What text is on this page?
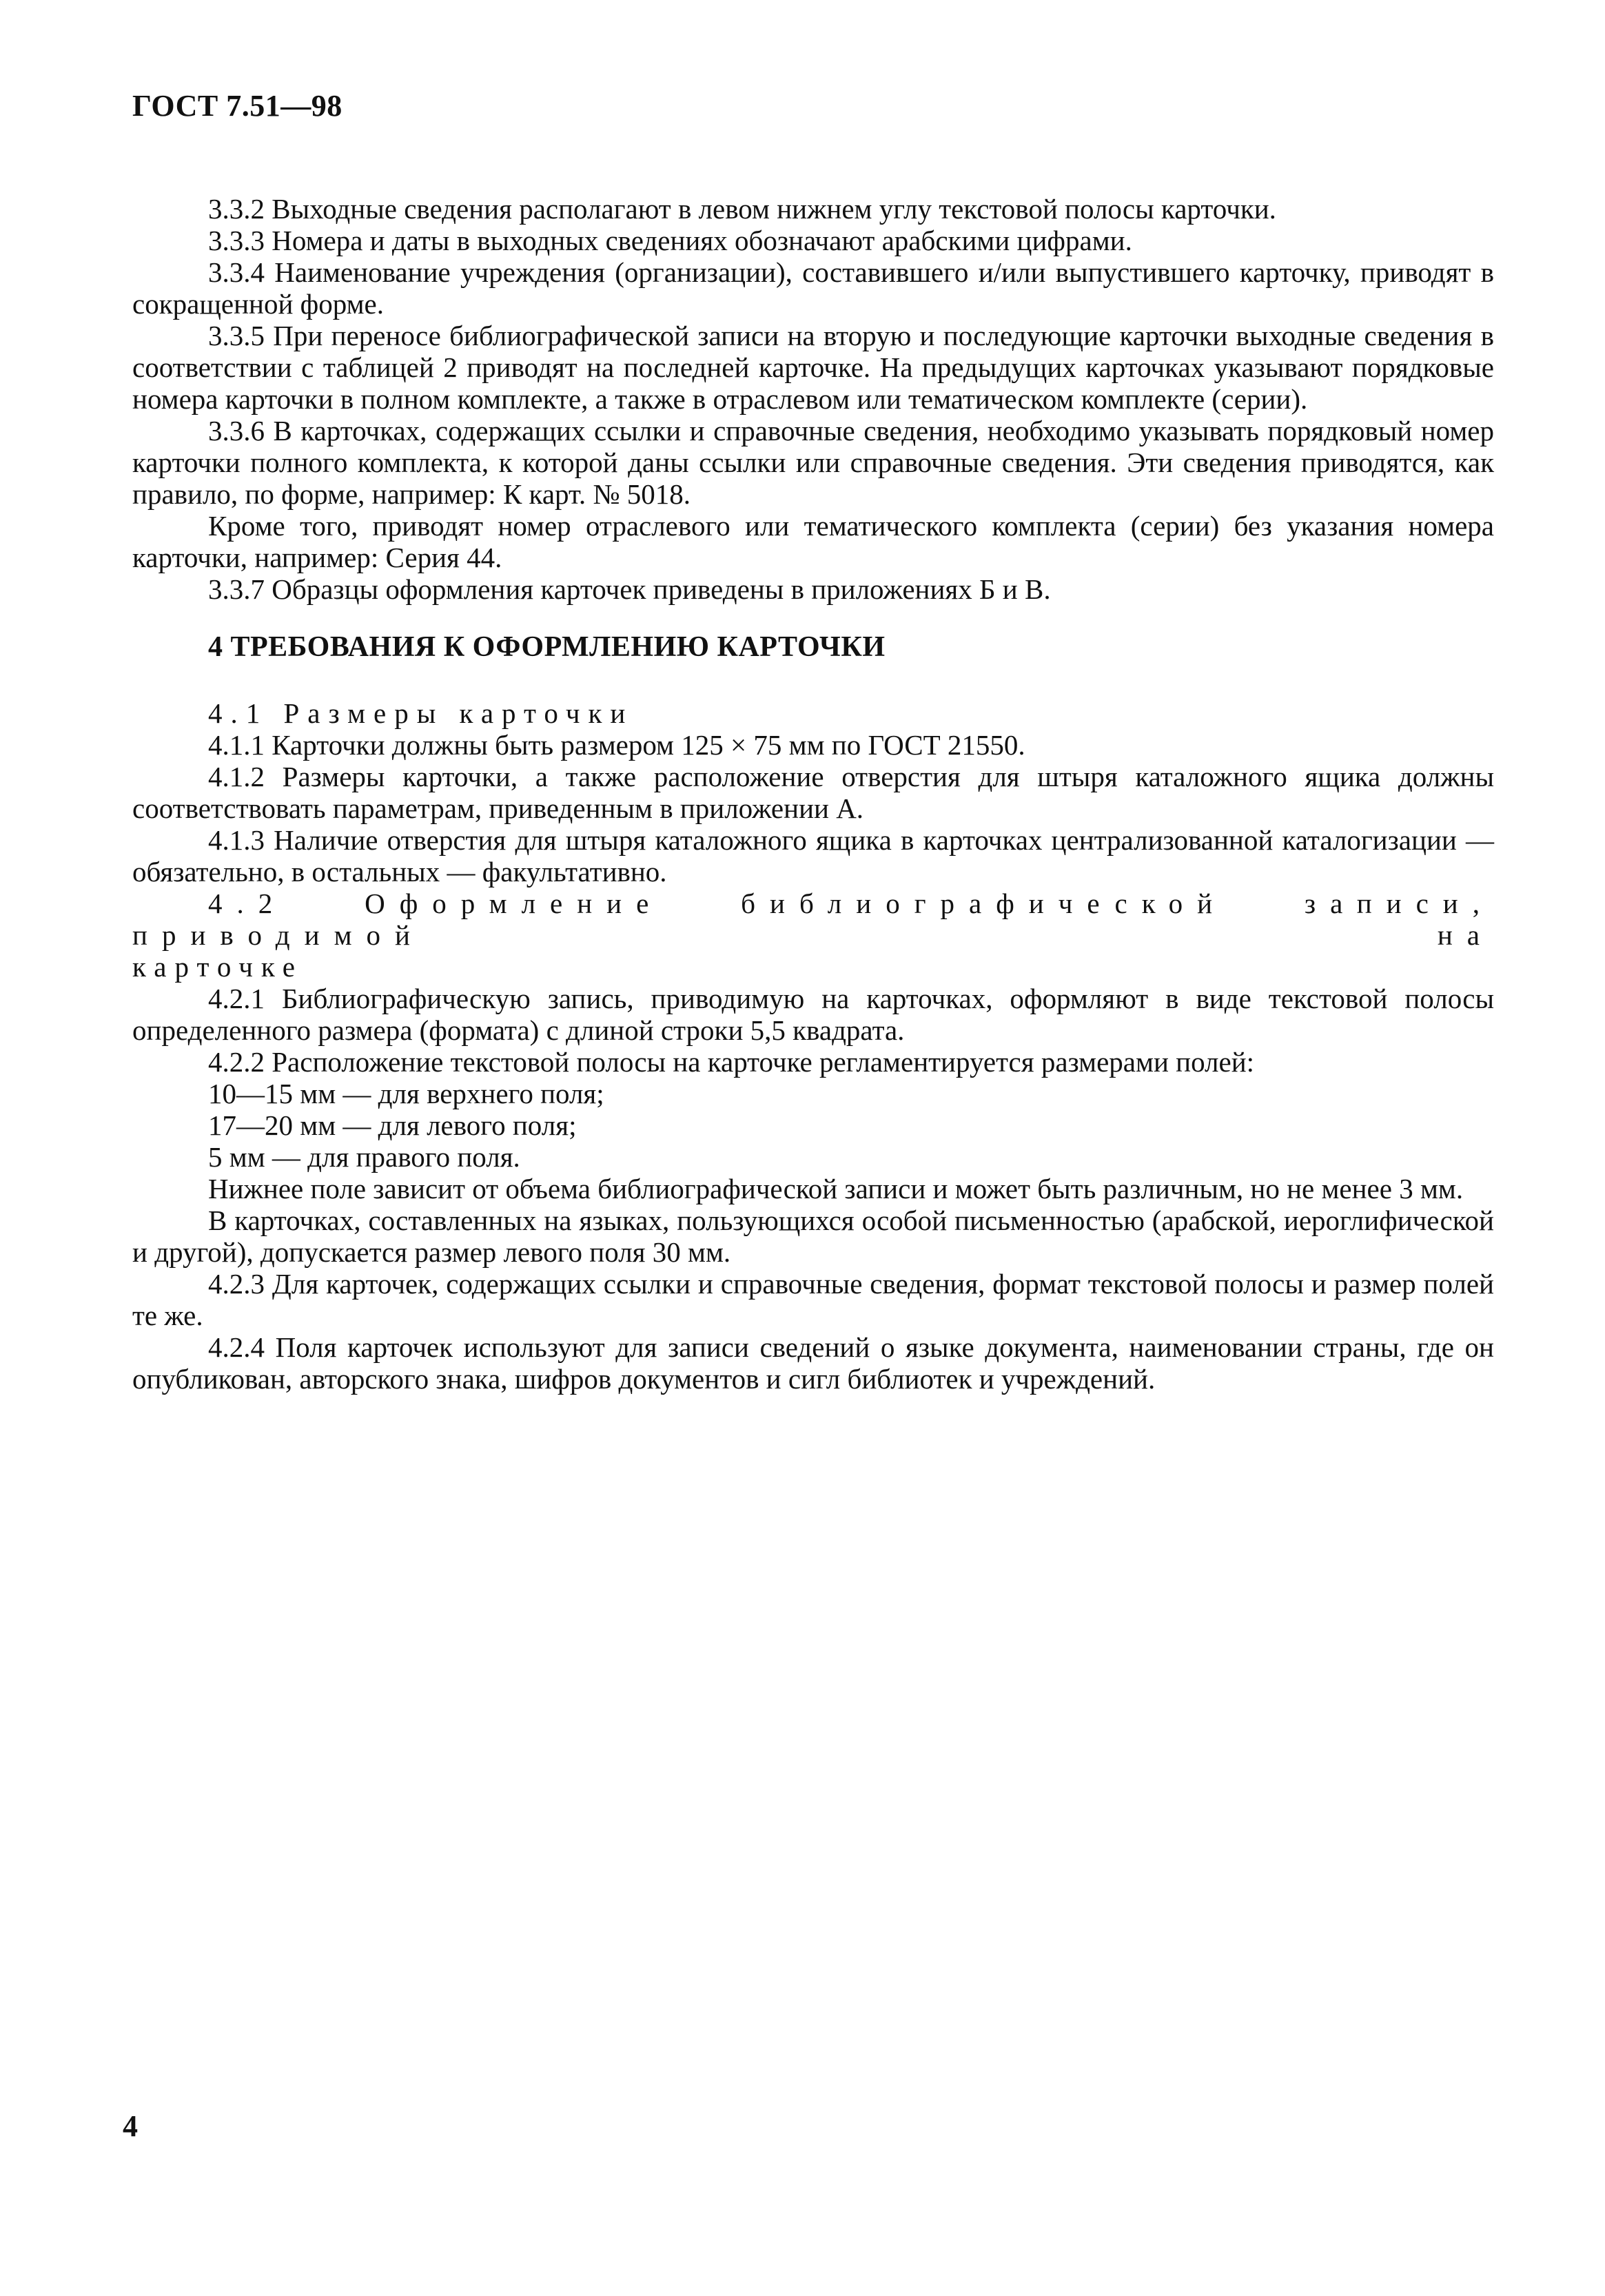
ГОСТ 7.51—98

3.3.2 Выходные сведения располагают в левом нижнем углу текстовой полосы карточки.

3.3.3 Номера и даты в выходных сведениях обозначают арабскими цифрами.

3.3.4 Наименование учреждения (организации), составившего и/или выпустившего карточку, приводят в сокращенной форме.

3.3.5 При переносе библиографической записи на вторую и последующие карточки выходные сведения в соответствии с таблицей 2 приводят на последней карточке. На предыдущих карточках указывают порядковые номера карточки в полном комплекте, а также в отраслевом или тематическом комплекте (серии).

3.3.6 В карточках, содержащих ссылки и справочные сведения, необходимо указывать порядковый номер карточки полного комплекта, к которой даны ссылки или справочные сведения. Эти сведения приводятся, как правило, по форме, например: К карт. № 5018.

Кроме того, приводят номер отраслевого или тематического комплекта (серии) без указания номера карточки, например: Серия 44.

3.3.7 Образцы оформления карточек приведены в приложениях Б и В.

4 ТРЕБОВАНИЯ К ОФОРМЛЕНИЮ КАРТОЧКИ

4.1 Размеры карточки

4.1.1 Карточки должны быть размером 125 × 75 мм по ГОСТ 21550.

4.1.2 Размеры карточки, а также расположение отверстия для штыря каталожного ящика должны соответствовать параметрам, приведенным в приложении А.

4.1.3 Наличие отверстия для штыря каталожного ящика в карточках централизованной каталогизации — обязательно, в остальных — факультативно.

4.2 Оформление библиографической записи, приводимой на

карточке

4.2.1 Библиографическую запись, приводимую на карточках, оформляют в виде текстовой полосы определенного размера (формата) с длиной строки 5,5 квадрата.

4.2.2 Расположение текстовой полосы на карточке регламентируется размерами полей:

10—15 мм — для верхнего поля;

17—20 мм — для левого поля;

5 мм — для правого поля.

Нижнее поле зависит от объема библиографической записи и может быть различным, но не менее 3 мм.

В карточках, составленных на языках, пользующихся особой письменностью (арабской, иероглифической и другой), допускается размер левого поля 30 мм.

4.2.3 Для карточек, содержащих ссылки и справочные сведения, формат текстовой полосы и размер полей те же.

4.2.4 Поля карточек используют для записи сведений о языке документа, наименовании страны, где он опубликован, авторского знака, шифров документов и сигл библиотек и учреждений.

4
